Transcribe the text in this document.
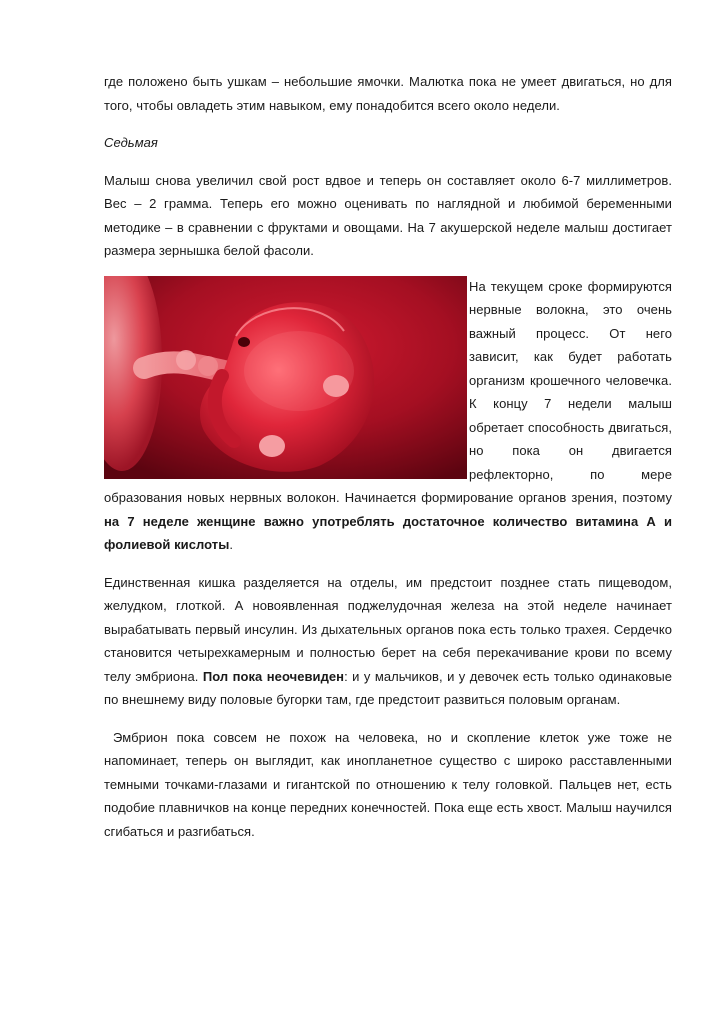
где положено быть ушкам – небольшие ямочки. Малютка пока не умеет двигаться, но для того, чтобы овладеть этим навыком, ему понадобится всего около недели.

Седьмая

Малыш снова увеличил свой рост вдвое и теперь он составляет около 6-7 миллиметров. Вес – 2 грамма. Теперь его можно оценивать по наглядной и любимой беременными методике – в сравнении с фруктами и овощами. На 7 акушерской неделе малыш достигает размера зернышка белой фасоли.

На текущем сроке формируются нервные волокна, это очень важный процесс. От него зависит, как будет работать организм крошечного человечка. К концу 7 недели малыш обретает способность двигаться, но пока он двигается рефлекторно, по мере образования новых нервных волокон. Начинается формирование органов зрения, поэтому на 7 неделе женщине важно употреблять достаточное количество витамина А и фолиевой кислоты.

Единственная кишка разделяется на отделы, им предстоит позднее стать пищеводом, желудком, глоткой. А новоявленная поджелудочная железа на этой неделе начинает вырабатывать первый инсулин. Из дыхательных органов пока есть только трахея. Сердечко становится четырехкамерным и полностью берет на себя перекачивание крови по всему телу эмбриона. Пол пока неочевиден: и у мальчиков, и у девочек есть только одинаковые по внешнему виду половые бугорки там, где предстоит развиться половым органам.

Эмбрион пока совсем не похож на человека, но и скопление клеток уже тоже не напоминает, теперь он выглядит, как инопланетное существо с широко расставленными темными точками-глазами и гигантской по отношению к телу головкой. Пальцев нет, есть подобие плавничков на конце передних конечностей. Пока еще есть хвост. Малыш научился сгибаться и разгибаться.
